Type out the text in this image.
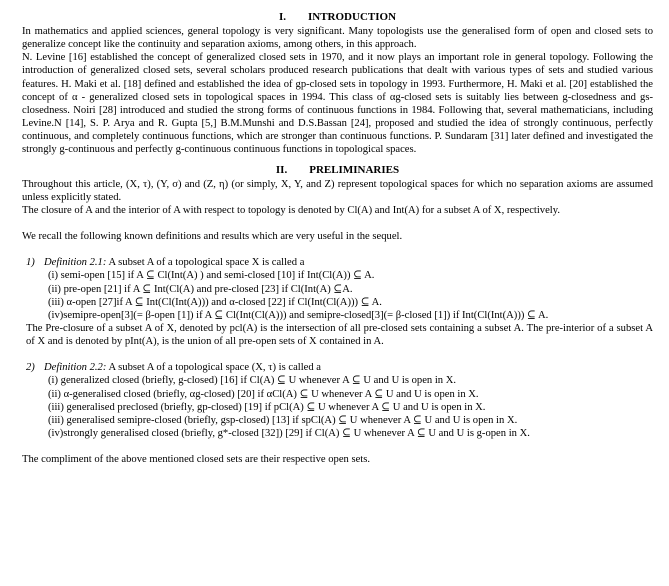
I. INTRODUCTION

In mathematics and applied sciences, general topology is very significant. Many topologists use the generalised form of open and closed sets to generalize concept like the continuity and separation axioms, among others, in this approach.

N. Levine [16] established the concept of generalized closed sets in 1970, and it now plays an important role in general topology. Following the introduction of generalized closed sets, several scholars produced research publications that dealt with various types of sets and studied various features. H. Maki et al. [18] defined and established the idea of gp-closed sets in topology in 1993. Furthermore, H. Maki et al. [20] established the concept of α - generalized closed sets in topological spaces in 1994. This class of αg-closed sets is suitably lies between g-closedness and gs-closedness. Noiri [28] introduced and studied the strong forms of continuous functions in 1984. Following that, several mathematicians, including Levine.N [14], S. P. Arya and R. Gupta [5,] B.M.Munshi and D.S.Bassan [24], proposed and studied the idea of strongly continuous, perfectly continuous, and completely continuous functions, which are stronger than continuous functions. P. Sundaram [31] later defined and investigated the strongly g-continuous and perfectly g-continuous continuous functions in topological spaces.

II. PRELIMINARIES

Throughout this article, (X, τ), (Y, σ) and (Z, η) (or simply, X, Y, and Z) represent topological spaces for which no separation axioms are assumed unless explicitly stated.

The closure of A and the interior of A with respect to topology is denoted by Cl(A) and Int(A) for a subset A of X, respectively.

We recall the following known definitions and results which are very useful in the sequel.

1) Definition 2.1: A subset A of a topological space X is called a

(i) semi-open [15] if A ⊆ Cl(Int(A) ) and semi-closed [10] if Int(Cl(A)) ⊆ A.

(ii) pre-open [21] if A ⊆ Int(Cl(A) and pre-closed [23] if Cl(Int(A) ⊆A.

(iii) α-open [27]if A ⊆ Int(Cl(Int(A))) and α-closed [22] if Cl(Int(Cl(A))) ⊆ A.

(iv)semipre-open[3](= β-open [1]) if A ⊆ Cl(Int(Cl(A))) and semipre-closed[3](= β-closed [1]) if Int(Cl(Int(A))) ⊆ A.

The Pre-closure of a subset A of X, denoted by pcl(A) is the intersection of all pre-closed sets containing a subset A. The pre-interior of a subset A of X and is denoted by pInt(A), is the union of all pre-open sets of X contained in A.

2) Definition 2.2: A subset A of a topological space (X, τ) is called a

(i) generalized closed (briefly, g-closed) [16] if Cl(A) ⊆ U whenever A ⊆ U and U is open in X.

(ii) α-generalised closed (briefly, αg-closed) [20] if αCl(A) ⊆ U whenever A ⊆ U and U is open in X.

(iii) generalised preclosed (briefly, gp-closed) [19] if pCl(A) ⊆ U whenever A ⊆ U and U is open in X.

(iii) generalised semipre-closed (briefly, gsp-closed) [13] if spCl(A) ⊆ U whenever A ⊆ U and U is open in X.

(iv)strongly generalised closed (briefly, g*-closed [32]) [29] if Cl(A) ⊆ U whenever A ⊆ U and U is g-open in X.

The compliment of the above mentioned closed sets are their respective open sets.
